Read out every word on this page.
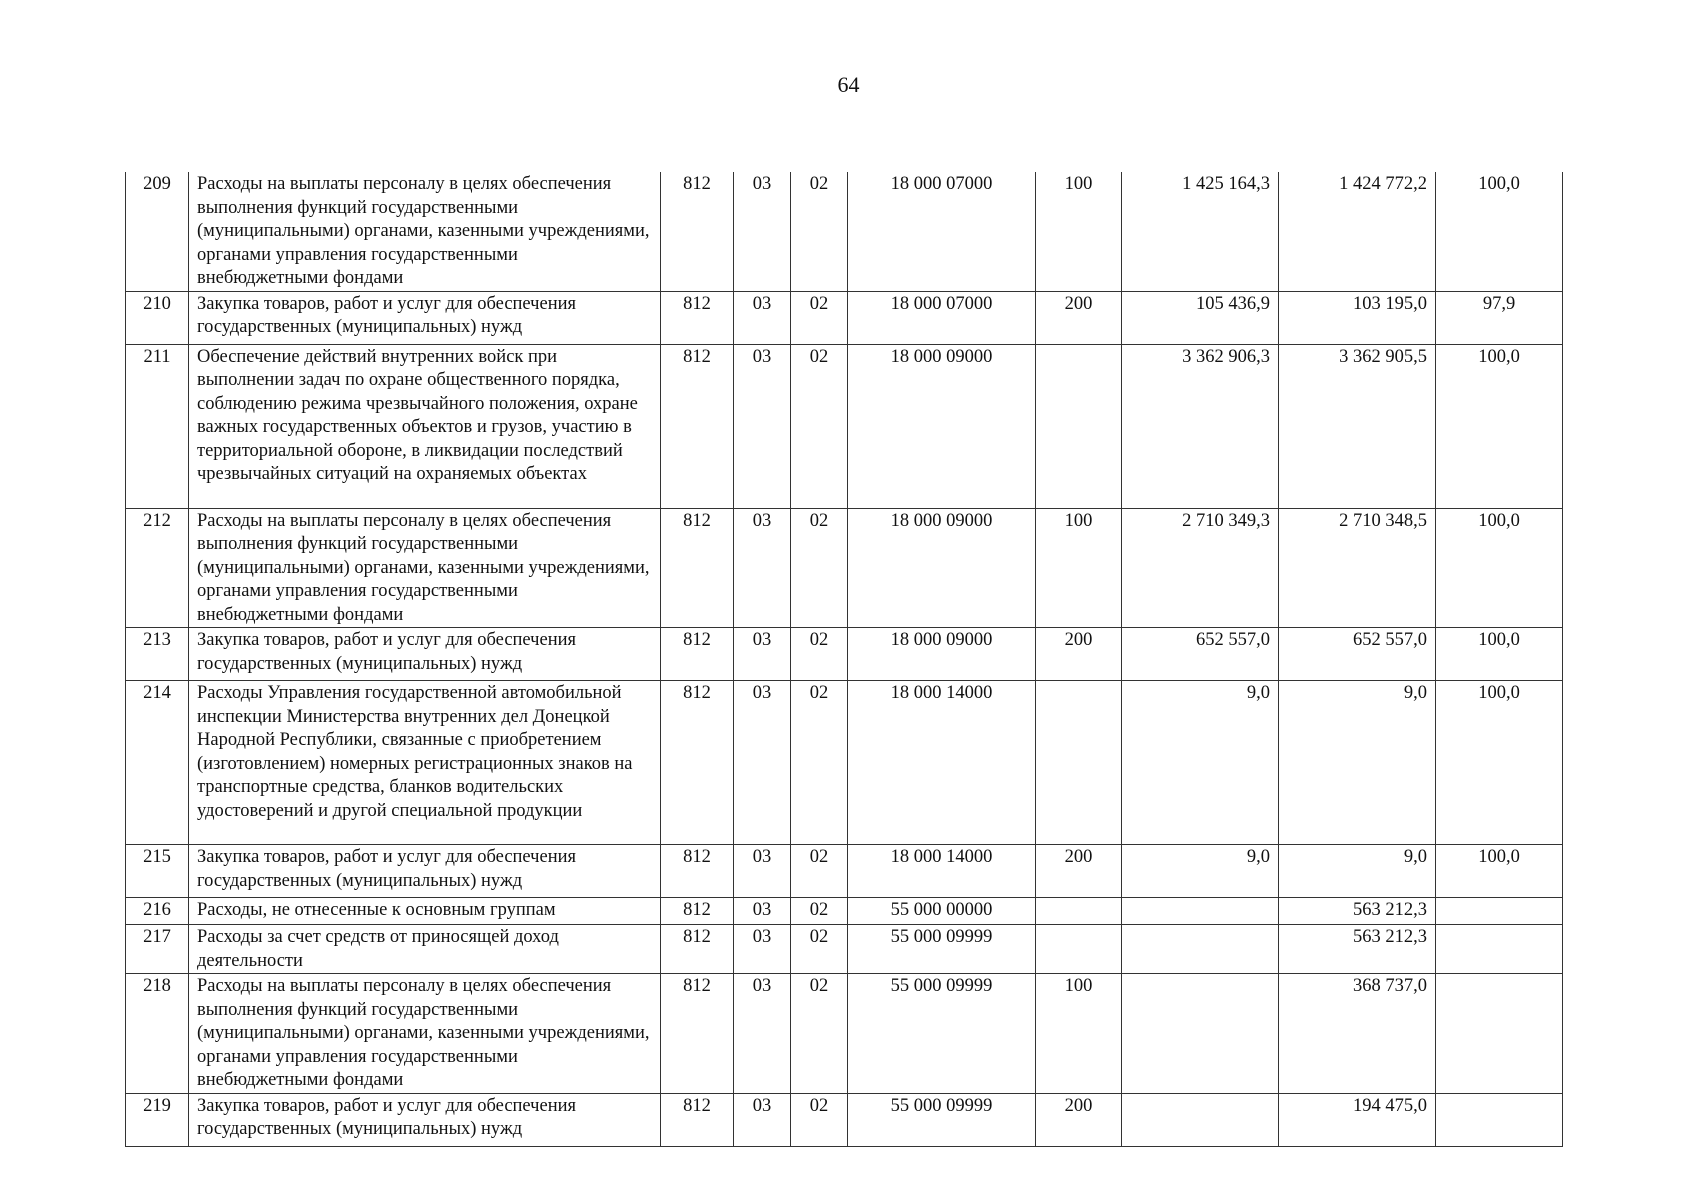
64
209	Расходы на выплаты персоналу в целях обеспечения выполнения функций государственными (муниципальными) органами, казенными учреждениями, органами управления государственными внебюджетными фондами	812	03	02	18 000 07000	100	1 425 164,3	1 424 772,2	100,0
210	Закупка товаров, работ и услуг для обеспечения государственных (муниципальных) нужд	812	03	02	18 000 07000	200	105 436,9	103 195,0	97,9
211	Обеспечение действий внутренних войск при выполнении задач по охране общественного порядка, соблюдению режима чрезвычайного положения, охране важных государственных объектов и грузов, участию в территориальной обороне, в ликвидации последствий чрезвычайных ситуаций на охраняемых объектах	812	03	02	18 000 09000		3 362 906,3	3 362 905,5	100,0
212	Расходы на выплаты персоналу в целях обеспечения выполнения функций государственными (муниципальными) органами, казенными учреждениями, органами управления государственными внебюджетными фондами	812	03	02	18 000 09000	100	2 710 349,3	2 710 348,5	100,0
213	Закупка товаров, работ и услуг для обеспечения государственных (муниципальных) нужд	812	03	02	18 000 09000	200	652 557,0	652 557,0	100,0
214	Расходы Управления государственной автомобильной инспекции Министерства внутренних дел Донецкой Народной Республики, связанные с приобретением (изготовлением) номерных регистрационных знаков на транспортные средства, бланков водительских удостоверений и другой специальной продукции	812	03	02	18 000 14000		9,0	9,0	100,0
215	Закупка товаров, работ и услуг для обеспечения государственных (муниципальных) нужд	812	03	02	18 000 14000	200	9,0	9,0	100,0
216	Расходы, не отнесенные к основным группам	812	03	02	55 000 00000			563 212,3	
217	Расходы за счет средств от приносящей доход деятельности	812	03	02	55 000 09999			563 212,3	
218	Расходы на выплаты персоналу в целях обеспечения выполнения функций государственными (муниципальными) органами, казенными учреждениями, органами управления государственными внебюджетными фондами	812	03	02	55 000 09999	100		368 737,0	
219	Закупка товаров, работ и услуг для обеспечения государственных (муниципальных) нужд	812	03	02	55 000 09999	200		194 475,0	
